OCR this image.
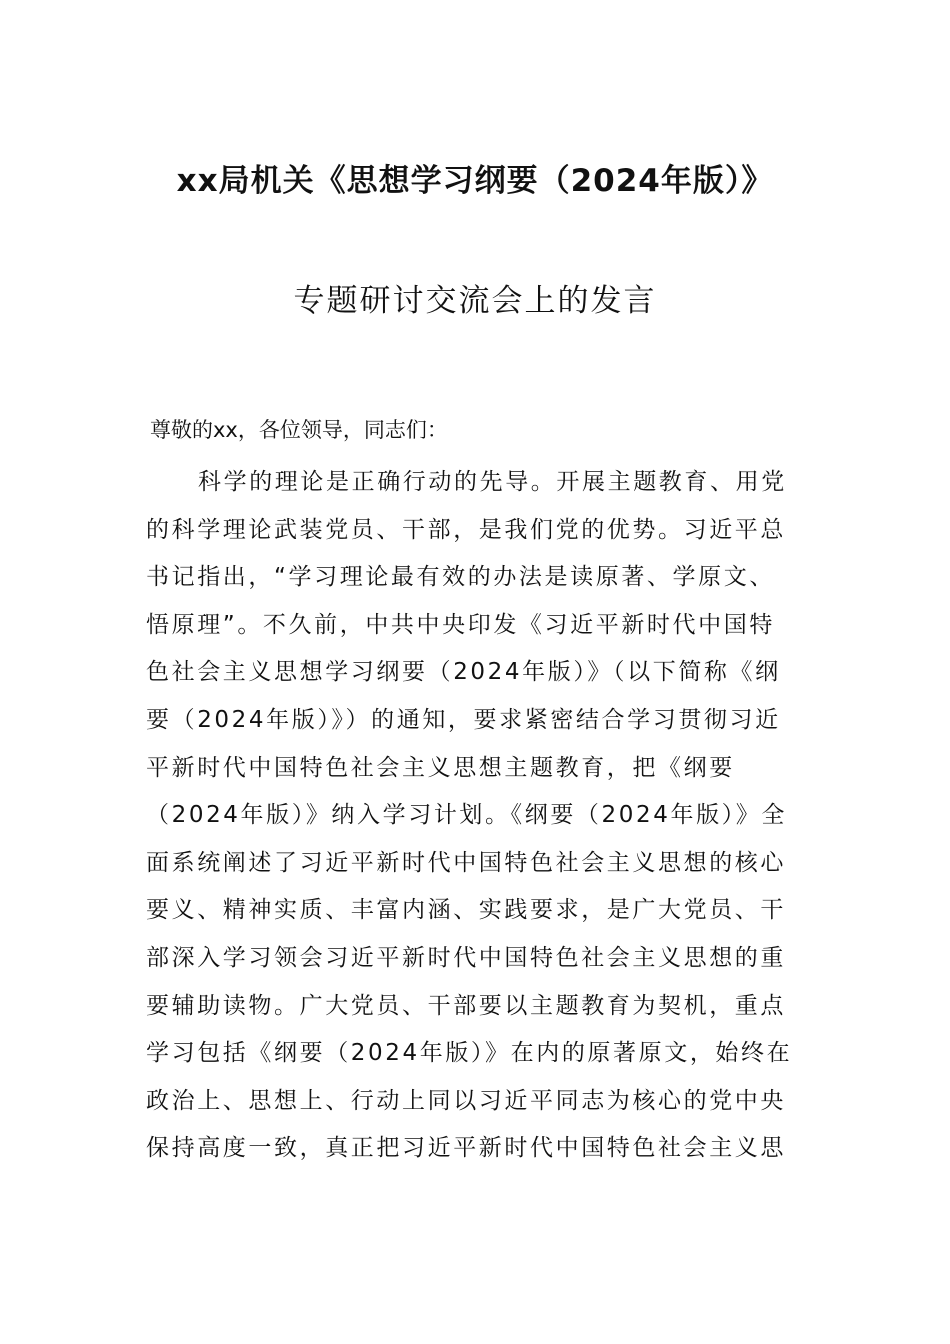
xx局机关《思想学习纲要（2024年版）》
专题研讨交流会上的发言
尊敬的xx，各位领导，同志们：
科学的理论是正确行动的先导。开展主题教育、用党
的科学理论武装党员、干部，是我们党的优势。习近平总
书记指出，“学习理论最有效的办法是读原著、学原文、
悟原理”。不久前，中共中央印发《习近平新时代中国特
色社会主义思想学习纲要（2024年版）》（以下简称《纲
要（2024年版）》）的通知，要求紧密结合学习贯彻习近
平新时代中国特色社会主义思想主题教育，把《纲要
（2024年版）》纳入学习计划。《纲要（2024年版）》全
面系统阐述了习近平新时代中国特色社会主义思想的核心
要义、精神实质、丰富内涵、实践要求，是广大党员、干
部深入学习领会习近平新时代中国特色社会主义思想的重
要辅助读物。广大党员、干部要以主题教育为契机，重点
学习包括《纲要（2024年版）》在内的原著原文，始终在
政治上、思想上、行动上同以习近平同志为核心的党中央
保持高度一致，真正把习近平新时代中国特色社会主义思
